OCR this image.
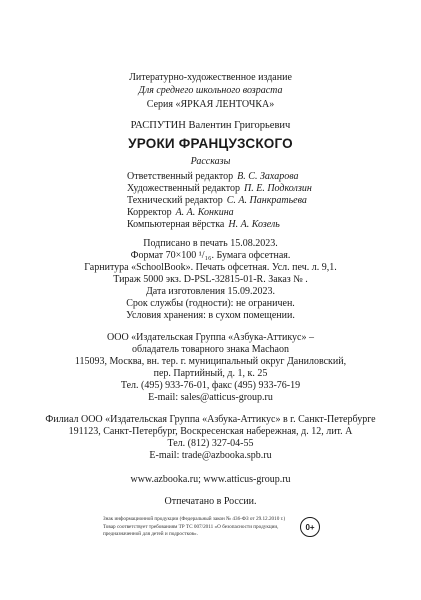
Литературно-художественное издание
Для среднего школьного возраста
Серия «ЯРКАЯ ЛЕНТОЧКА»
РАСПУТИН Валентин Григорьевич
УРОКИ ФРАНЦУЗСКОГО
Рассказы
Ответственный редактор В. С. Захарова
Художественный редактор П. Е. Подколзин
Технический редактор С. А. Панкратьева
Корректор А. А. Конкина
Компьютерная вёрстка Н. А. Козель
Подписано в печать 15.08.2023.
Формат 70×100 ¹/₁₆. Бумага офсетная.
Гарнитура «SchoolBook». Печать офсетная. Усл. печ. л. 9,1.
Тираж 5000 экз. D-PSL-32815-01-R. Заказ № .
Дата изготовления 15.09.2023.
Срок службы (годности): не ограничен.
Условия хранения: в сухом помещении.
ООО «Издательская Группа «Азбука-Аттикус» –
обладатель товарного знака Machaon
115093, Москва, вн. тер. г. муниципальный округ Даниловский,
пер. Партийный, д. 1, к. 25
Тел. (495) 933-76-01, факс (495) 933-76-19
E-mail: sales@atticus-group.ru
Филиал ООО «Издательская Группа «Азбука-Аттикус» в г. Санкт-Петербурге
191123, Санкт-Петербург, Воскресенская набережная, д. 12, лит. А
Тел. (812) 327-04-55
E-mail: trade@azbooka.spb.ru
www.azbooka.ru; www.atticus-group.ru
Отпечатано в России.
Знак информационной продукции (Федеральный закон № 436-ФЗ от 29.12.2010 г.)
Товар соответствует требованиям ТР ТС 007/2011 «О безопасности продукции,
предназначенной для детей и подростков».
0+
